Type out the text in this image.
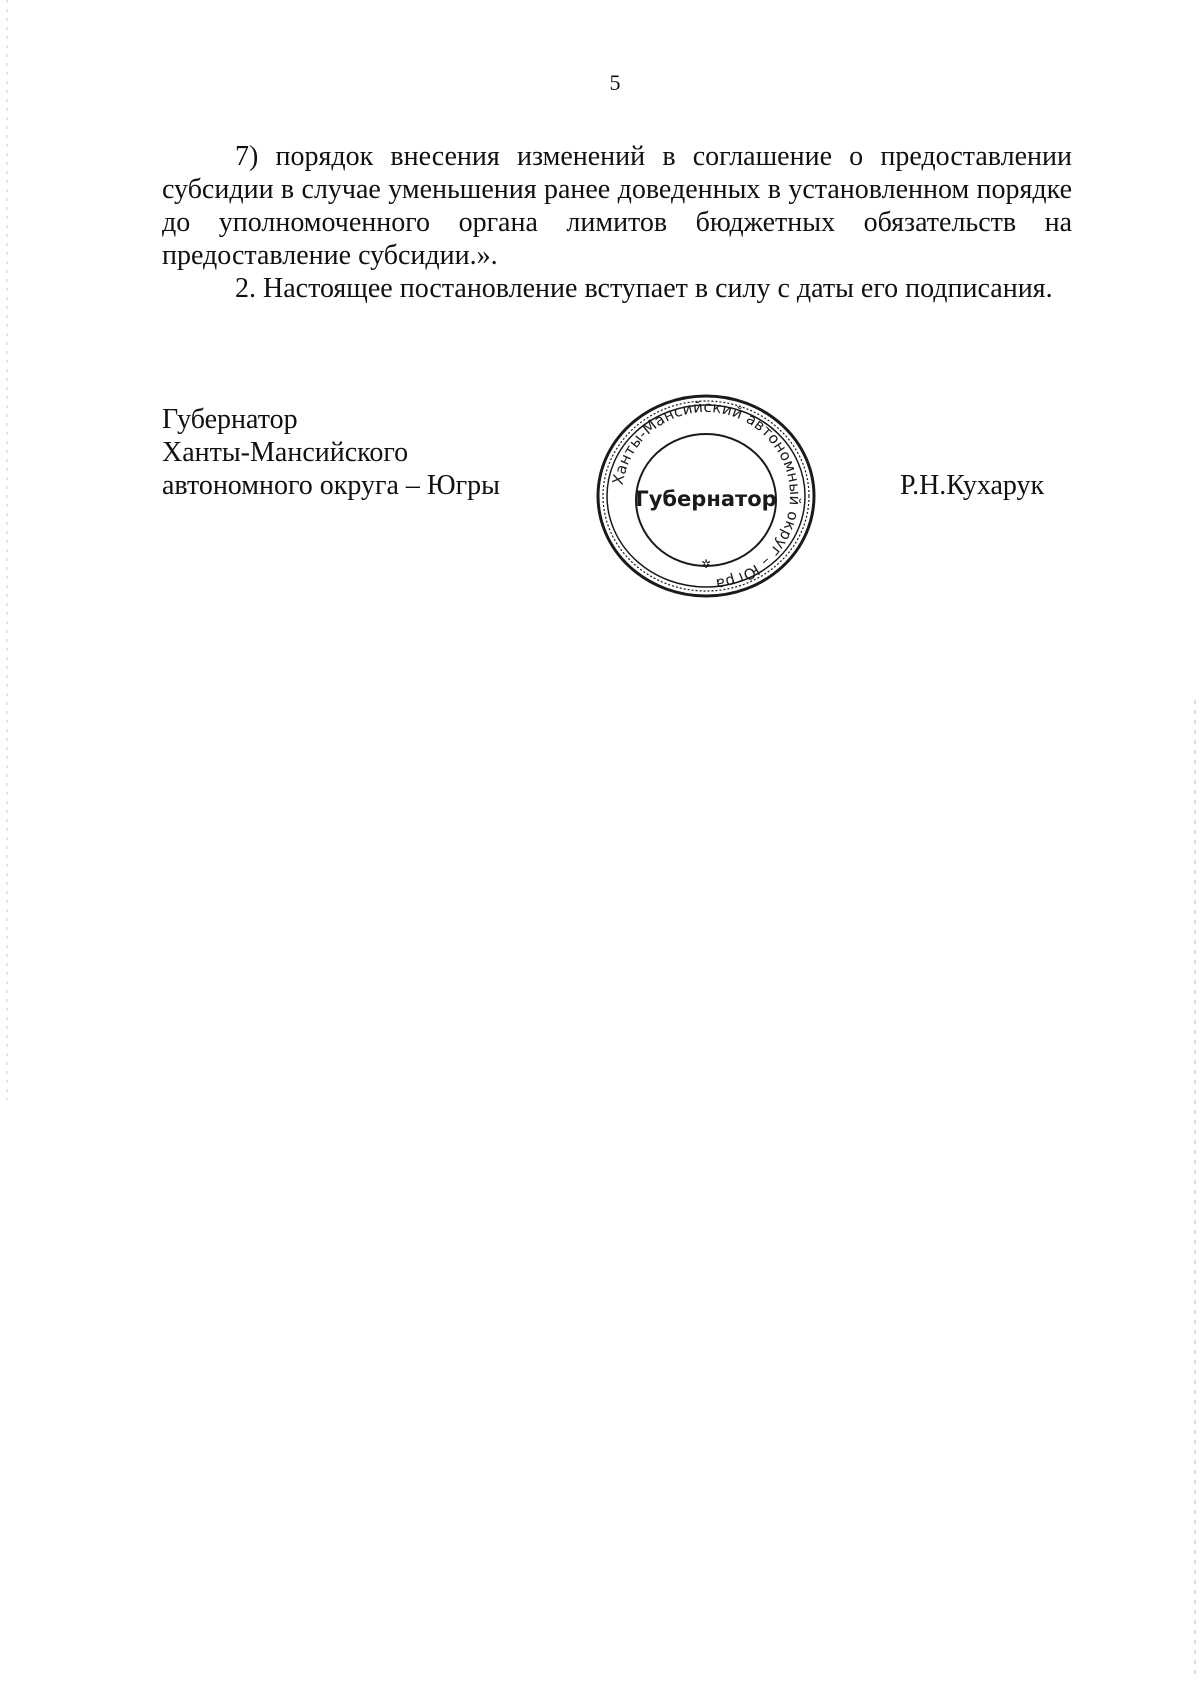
5

7) порядок внесения изменений в соглашение о предоставлении субсидии в случае уменьшения ранее доведенных в установленном порядке до уполномоченного органа лимитов бюджетных обязательств на предоставление субсидии.».

2. Настоящее постановление вступает в силу с даты его подписания.

Губернатор
Ханты-Мансийского
автономного округа – Югры	Ханты-Мансийский автономный округ – Югра
Губернатор
✲
Р.Н.Кухарук
